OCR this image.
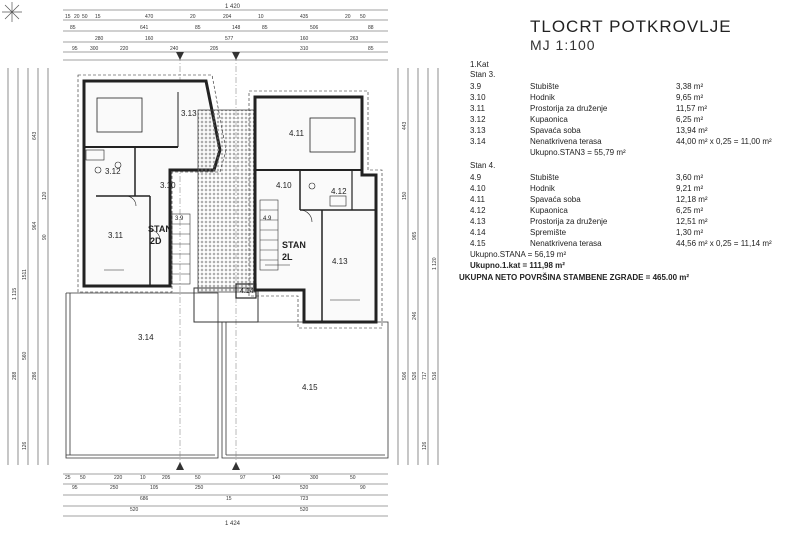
1 420
15 20 50 15	470	20	204	10	435	20 50
85	641	85	148	85	506	88
280	160	577	160	263
95 300	220	240	205	310	85
25 50	220	10	205	50	97	140	300	50
95	250	105	250	520	90
686	15	723
520	520
1 424
643
964
1511
560
1 115
120
90
288	286
126
443
150
965
1 120
717
506 526	516
246
126
3.13
3.12
3.10
3.11
3.14
4.11
4.10
4.12
4.13
4.14
4.15
3.9	4.9
STAN
2D	STAN
2L
TLOCRT POTKROVLJE
MJ 1:100
1.Kat
Stan 3.
3.9	Stubište	3,38 m²
3.10	Hodnik	9,65 m²
3.11	Prostorija za druženje	11,57 m²
3.12	Kupaonica	6,25 m²
3.13	Spavaća soba	13,94 m²
3.14	Nenatkrivena terasa	44,00 m² x 0,25 = 11,00 m²
Ukupno.STAN3 = 55,79 m²
Stan 4.
4.9	Stubište	3,60 m²
4.10	Hodnik	9,21 m²
4.11	Spavaća soba	12,18 m²
4.12	Kupaonica	6,25 m²
4.13	Prostorija za druženje	12,51 m²
4.14	Spremište	1,30 m²
4.15	Nenatkrivena terasa	44,56 m² x 0,25 = 11,14 m²
Ukupno.STANA = 56,19 m²
Ukupno.1.kat = 111,98 m²
UKUPNA NETO POVRŠINA STAMBENE ZGRADE = 465.00 m²
